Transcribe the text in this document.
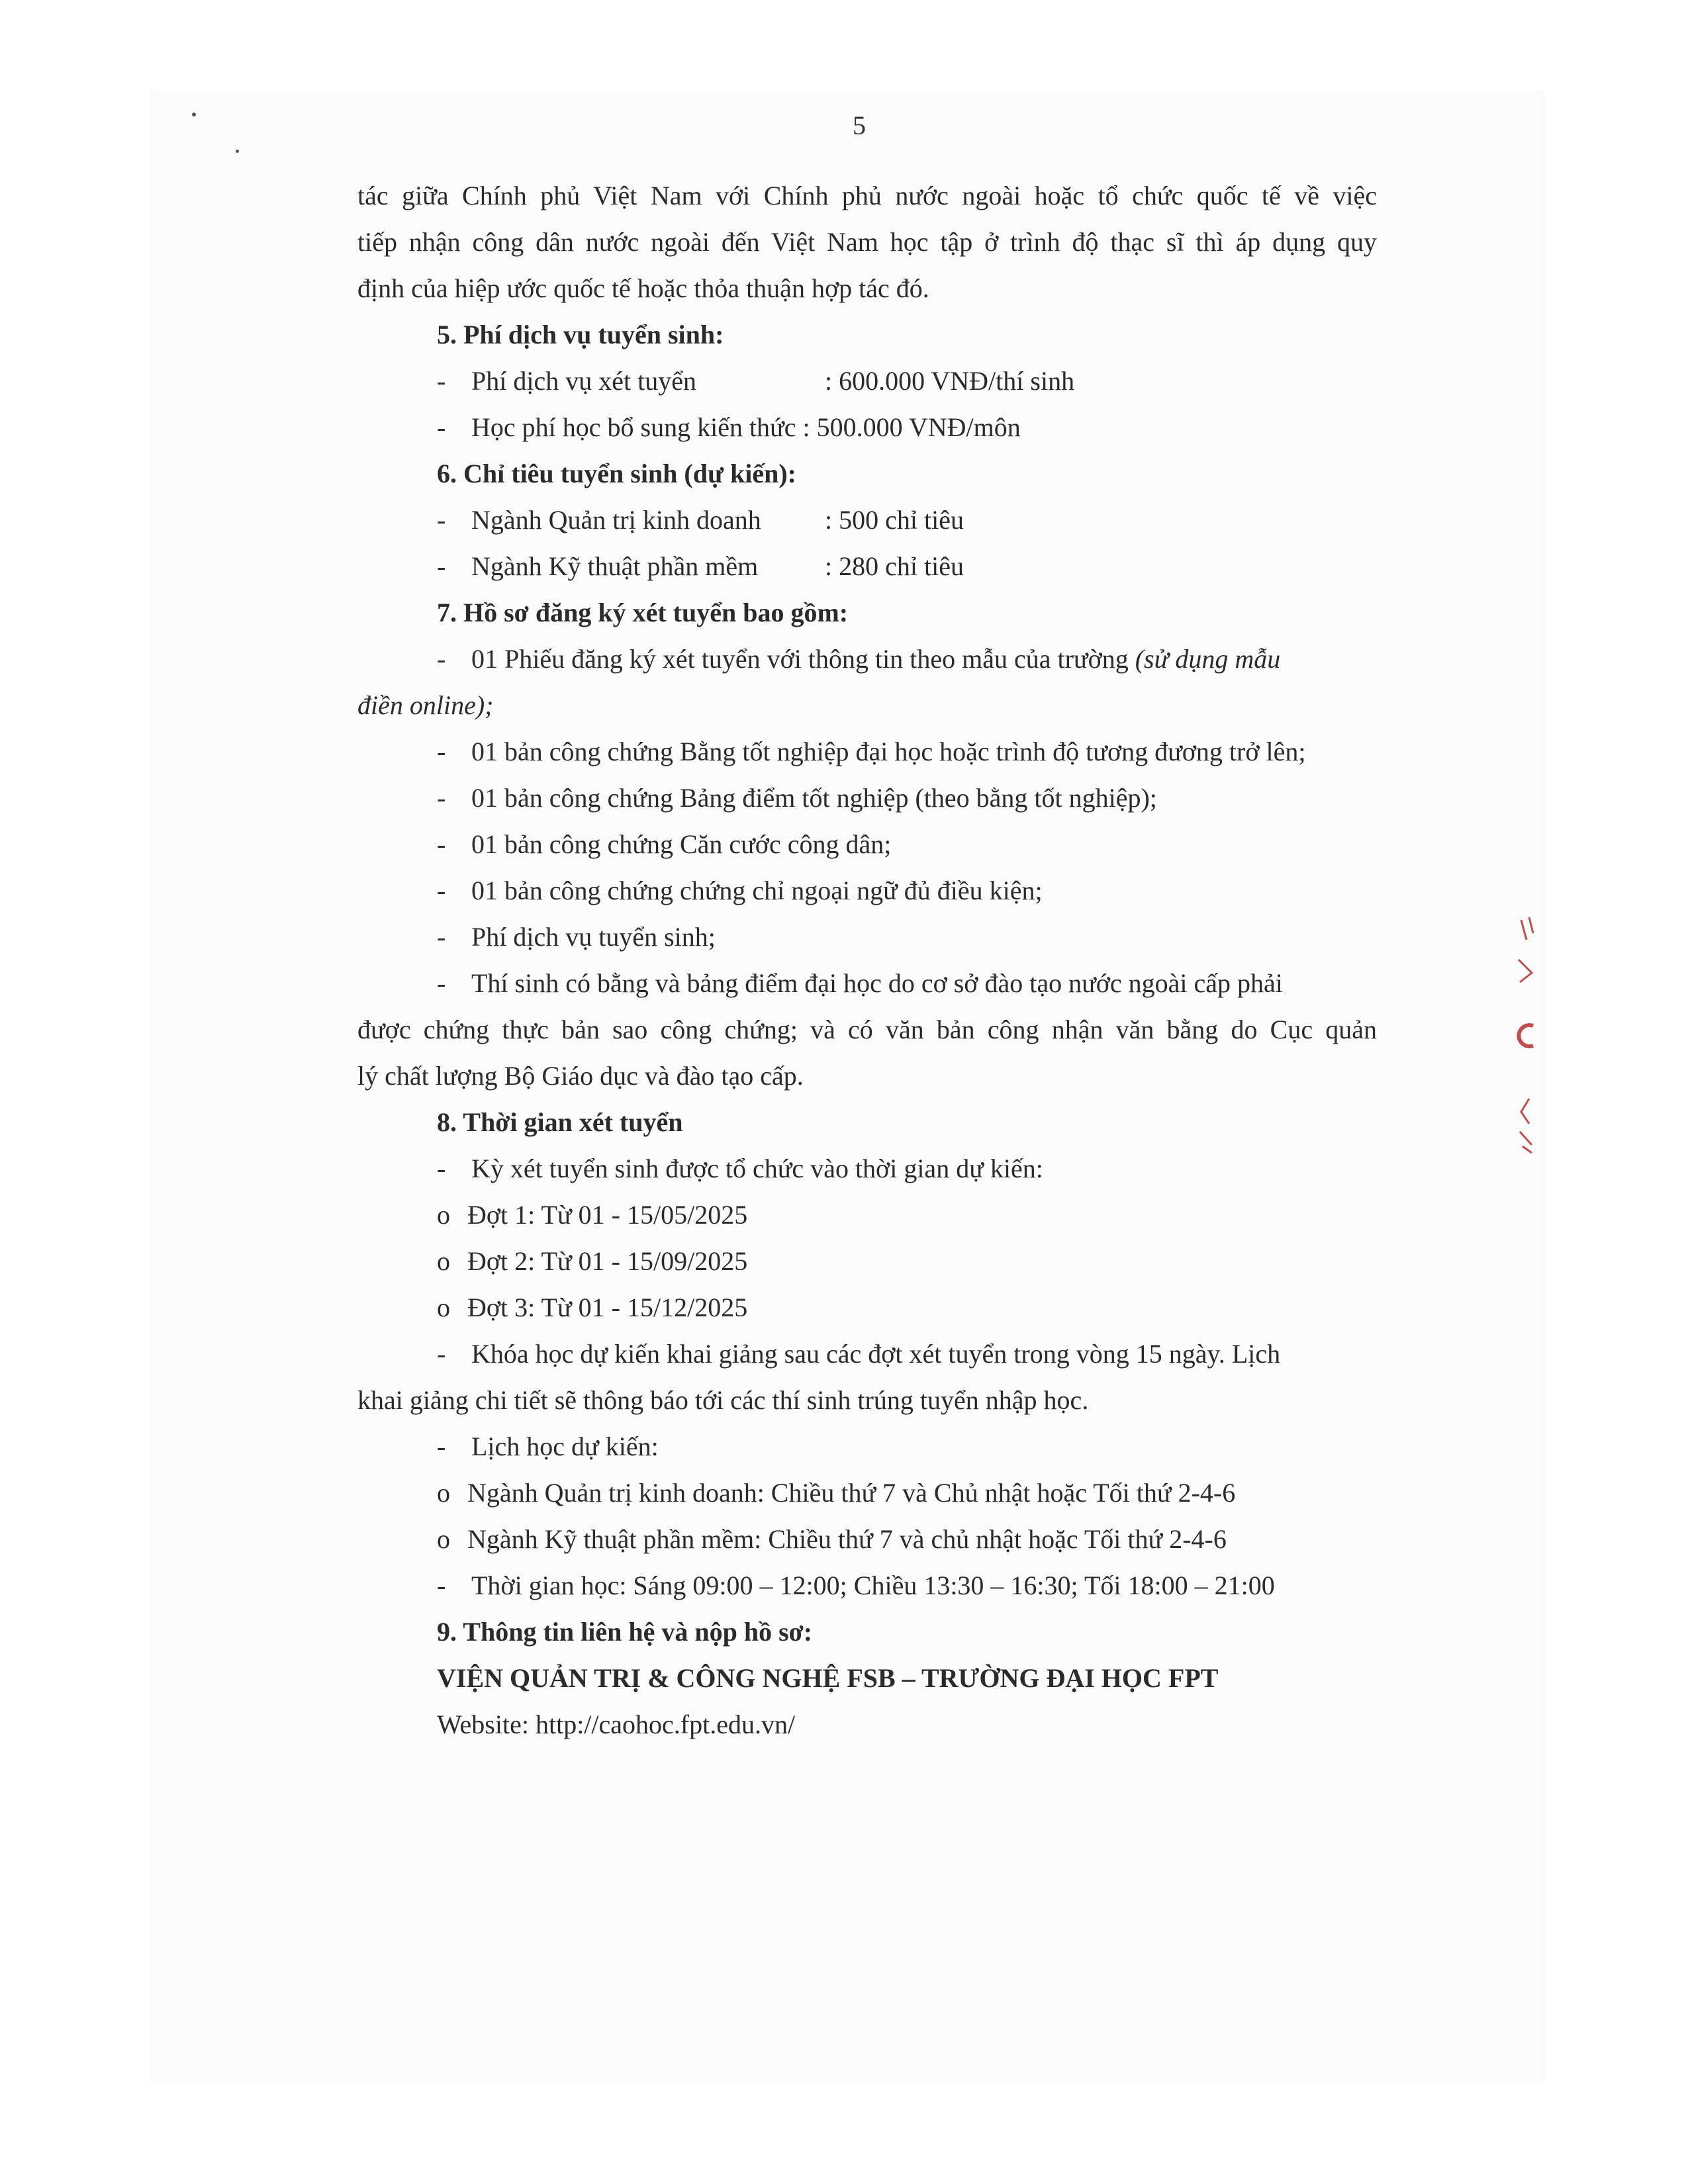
5
tác giữa Chính phủ Việt Nam với Chính phủ nước ngoài hoặc tổ chức quốc tế về việc
tiếp nhận công dân nước ngoài đến Việt Nam học tập ở trình độ thạc sĩ thì áp dụng quy
định của hiệp ước quốc tế hoặc thỏa thuận hợp tác đó.
5. Phí dịch vụ tuyển sinh:
- Phí dịch vụ xét tuyển	: 600.000 VNĐ/thí sinh
- Học phí học bổ sung kiến thức : 500.000 VNĐ/môn
6. Chỉ tiêu tuyển sinh (dự kiến):
- Ngành Quản trị kinh doanh : 500 chỉ tiêu
- Ngành Kỹ thuật phần mềm	: 280 chỉ tiêu
7. Hồ sơ đăng ký xét tuyển bao gồm:
- 01 Phiếu đăng ký xét tuyển với thông tin theo mẫu của trường (sử dụng mẫu
điền online);
- 01 bản công chứng Bằng tốt nghiệp đại học hoặc trình độ tương đương trở lên;
- 01 bản công chứng Bảng điểm tốt nghiệp (theo bằng tốt nghiệp);
- 01 bản công chứng Căn cước công dân;
- 01 bản công chứng chứng chỉ ngoại ngữ đủ điều kiện;
- Phí dịch vụ tuyển sinh;
- Thí sinh có bằng và bảng điểm đại học do cơ sở đào tạo nước ngoài cấp phải
được chứng thực bản sao công chứng; và có văn bản công nhận văn bằng do Cục quản
lý chất lượng Bộ Giáo dục và đào tạo cấp.
8. Thời gian xét tuyển
- Kỳ xét tuyển sinh được tổ chức vào thời gian dự kiến:
o Đợt 1: Từ 01 - 15/05/2025
o Đợt 2: Từ 01 - 15/09/2025
o Đợt 3: Từ 01 - 15/12/2025
- Khóa học dự kiến khai giảng sau các đợt xét tuyển trong vòng 15 ngày. Lịch
khai giảng chi tiết sẽ thông báo tới các thí sinh trúng tuyển nhập học.
- Lịch học dự kiến:
o Ngành Quản trị kinh doanh: Chiều thứ 7 và Chủ nhật hoặc Tối thứ 2-4-6
o Ngành Kỹ thuật phần mềm: Chiều thứ 7 và chủ nhật hoặc Tối thứ 2-4-6
- Thời gian học: Sáng 09:00 – 12:00; Chiều 13:30 – 16:30; Tối 18:00 – 21:00
9. Thông tin liên hệ và nộp hồ sơ:
VIỆN QUẢN TRỊ & CÔNG NGHỆ FSB – TRƯỜNG ĐẠI HỌC FPT
Website: http://caohoc.fpt.edu.vn/
